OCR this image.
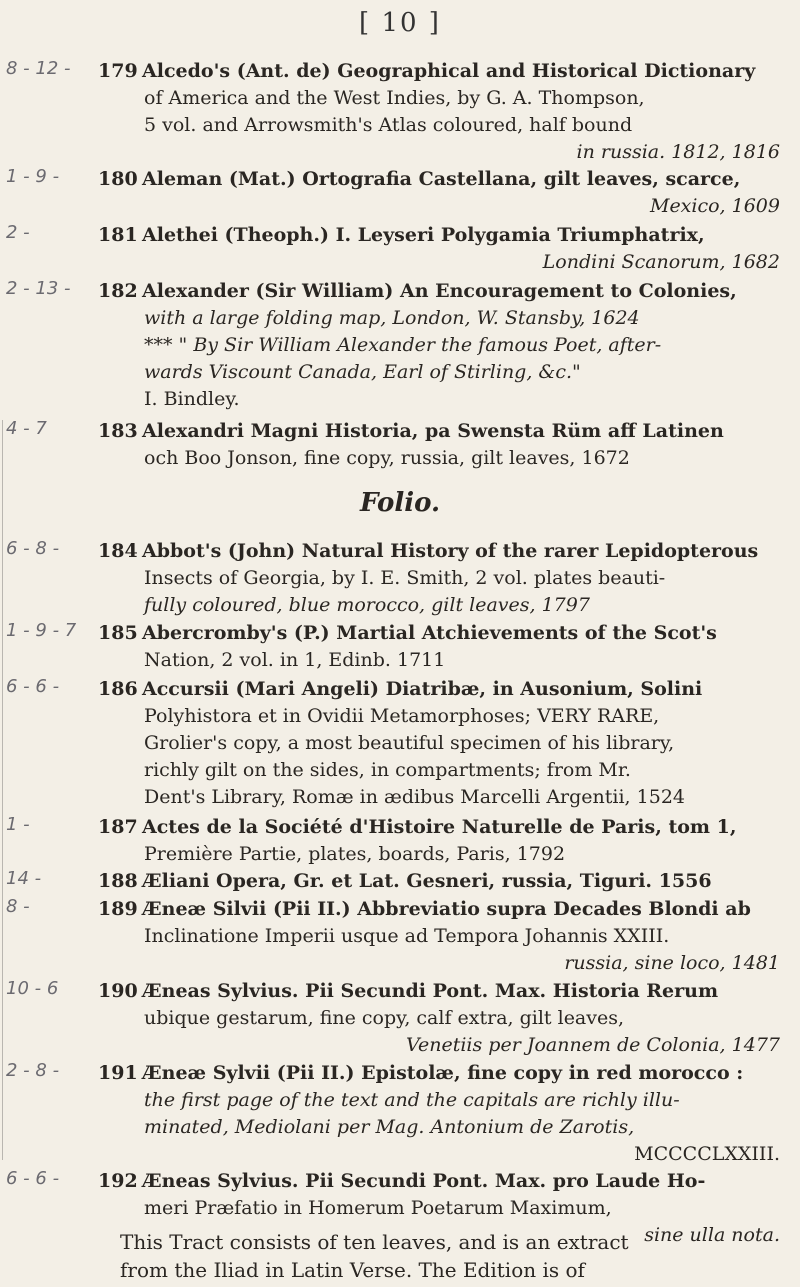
[ 10 ]
8 - 12 -	179 Alcedo's (Ant. de) Geographical and Historical Dictionary
of America and the West Indies, by G. A. Thompson,
5 vol. and Arrowsmith's Atlas coloured, half bound
in russia. 1812, 1816
1 - 9 -	180 Aleman (Mat.) Ortografia Castellana, gilt leaves, scarce,
Mexico, 1609
2 -	181 Alethei (Theoph.) I. Leyseri Polygamia Triumphatrix,
Londini Scanorum, 1682
2 - 13 -	182 Alexander (Sir William) An Encouragement to Colonies,
with a large folding map, London, W. Stansby, 1624
*** " By Sir William Alexander the famous Poet, after-
wards Viscount Canada, Earl of Stirling, &c."
I. Bindley.
4 - 7	183 Alexandri Magni Historia, pa Swensta Rüm aff Latinen
och Boo Jonson, fine copy, russia, gilt leaves, 1672
Folio.
6 - 8 -	184 Abbot's (John) Natural History of the rarer Lepidopterous
Insects of Georgia, by I. E. Smith, 2 vol. plates beauti-
fully coloured, blue morocco, gilt leaves, 1797
1 - 9 - 7	185 Abercromby's (P.) Martial Atchievements of the Scot's
Nation, 2 vol. in 1, Edinb. 1711
6 - 6 -	186 Accursii (Mari Angeli) Diatribæ, in Ausonium, Solini
Polyhistora et in Ovidii Metamorphoses; VERY RARE,
Grolier's copy, a most beautiful specimen of his library,
richly gilt on the sides, in compartments; from Mr.
Dent's Library, Romæ in ædibus Marcelli Argentii, 1524
1 -	187 Actes de la Société d'Histoire Naturelle de Paris, tom 1,
Première Partie, plates, boards, Paris, 1792
14 -	188 Æliani Opera, Gr. et Lat. Gesneri, russia, Tiguri. 1556
8 -	189 Æneæ Silvii (Pii II.) Abbreviatio supra Decades Blondi ab
Inclinatione Imperii usque ad Tempora Johannis XXIII.
russia, sine loco, 1481
10 - 6	190 Æneas Sylvius. Pii Secundi Pont. Max. Historia Rerum
ubique gestarum, fine copy, calf extra, gilt leaves,
Venetiis per Joannem de Colonia, 1477
2 - 8 -	191 Æneæ Sylvii (Pii II.) Epistolæ, fine copy in red morocco :
the first page of the text and the capitals are richly illu-
minated, Mediolani per Mag. Antonium de Zarotis,
MCCCCLXXIII.
6 - 6 -	192 Æneas Sylvius. Pii Secundi Pont. Max. pro Laude Ho-
meri Præfatio in Homerum Poetarum Maximum,
sine ulla nota.
This Tract consists of ten leaves, and is an extract
from the Iliad in Latin Verse. The Edition is of
